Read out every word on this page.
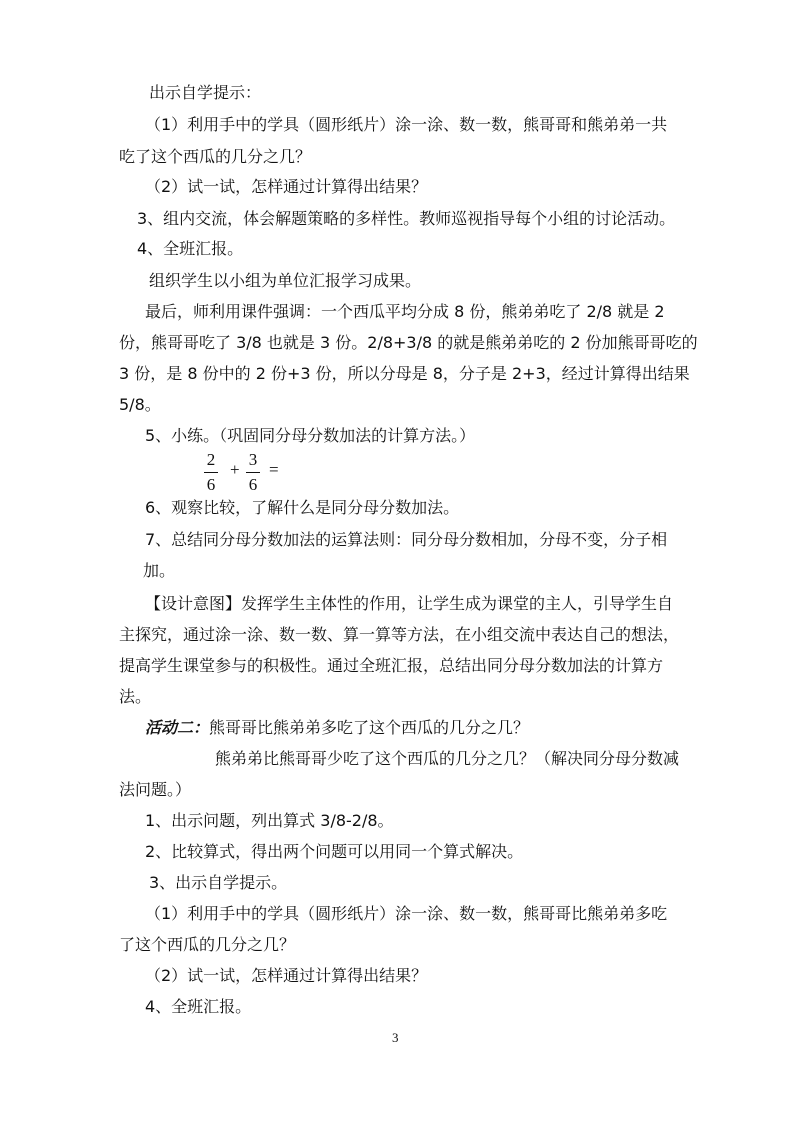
出示自学提示：
（1）利用手中的学具（圆形纸片）涂一涂、数一数，熊哥哥和熊弟弟一共
吃了这个西瓜的几分之几？
（2）试一试，怎样通过计算得出结果？
3、组内交流，体会解题策略的多样性。教师巡视指导每个小组的讨论活动。
4、全班汇报。
组织学生以小组为单位汇报学习成果。
最后，师利用课件强调：一个西瓜平均分成 8 份，熊弟弟吃了 2/8 就是 2
份，熊哥哥吃了 3/8 也就是 3 份。2/8+3/8 的就是熊弟弟吃的 2 份加熊哥哥吃的
3 份，是 8 份中的 2 份+3 份，所以分母是 8，分子是 2+3，经过计算得出结果
5/8。
5、小练。（巩固同分母分数加法的计算方法。）
2
6
+
3
6
=
6、观察比较，了解什么是同分母分数加法。
7、总结同分母分数加法的运算法则：同分母分数相加，分母不变，分子相
加。
【设计意图】发挥学生主体性的作用，让学生成为课堂的主人，引导学生自
主探究，通过涂一涂、数一数、算一算等方法，在小组交流中表达自己的想法，
提高学生课堂参与的积极性。通过全班汇报，总结出同分母分数加法的计算方
法。
活动二：熊哥哥比熊弟弟多吃了这个西瓜的几分之几？
熊弟弟比熊哥哥少吃了这个西瓜的几分之几？（解决同分母分数减
法问题。）
1、出示问题，列出算式 3/8-2/8。
2、比较算式，得出两个问题可以用同一个算式解决。
3、出示自学提示。
（1）利用手中的学具（圆形纸片）涂一涂、数一数，熊哥哥比熊弟弟多吃
了这个西瓜的几分之几？
（2）试一试，怎样通过计算得出结果？
4、全班汇报。
3
